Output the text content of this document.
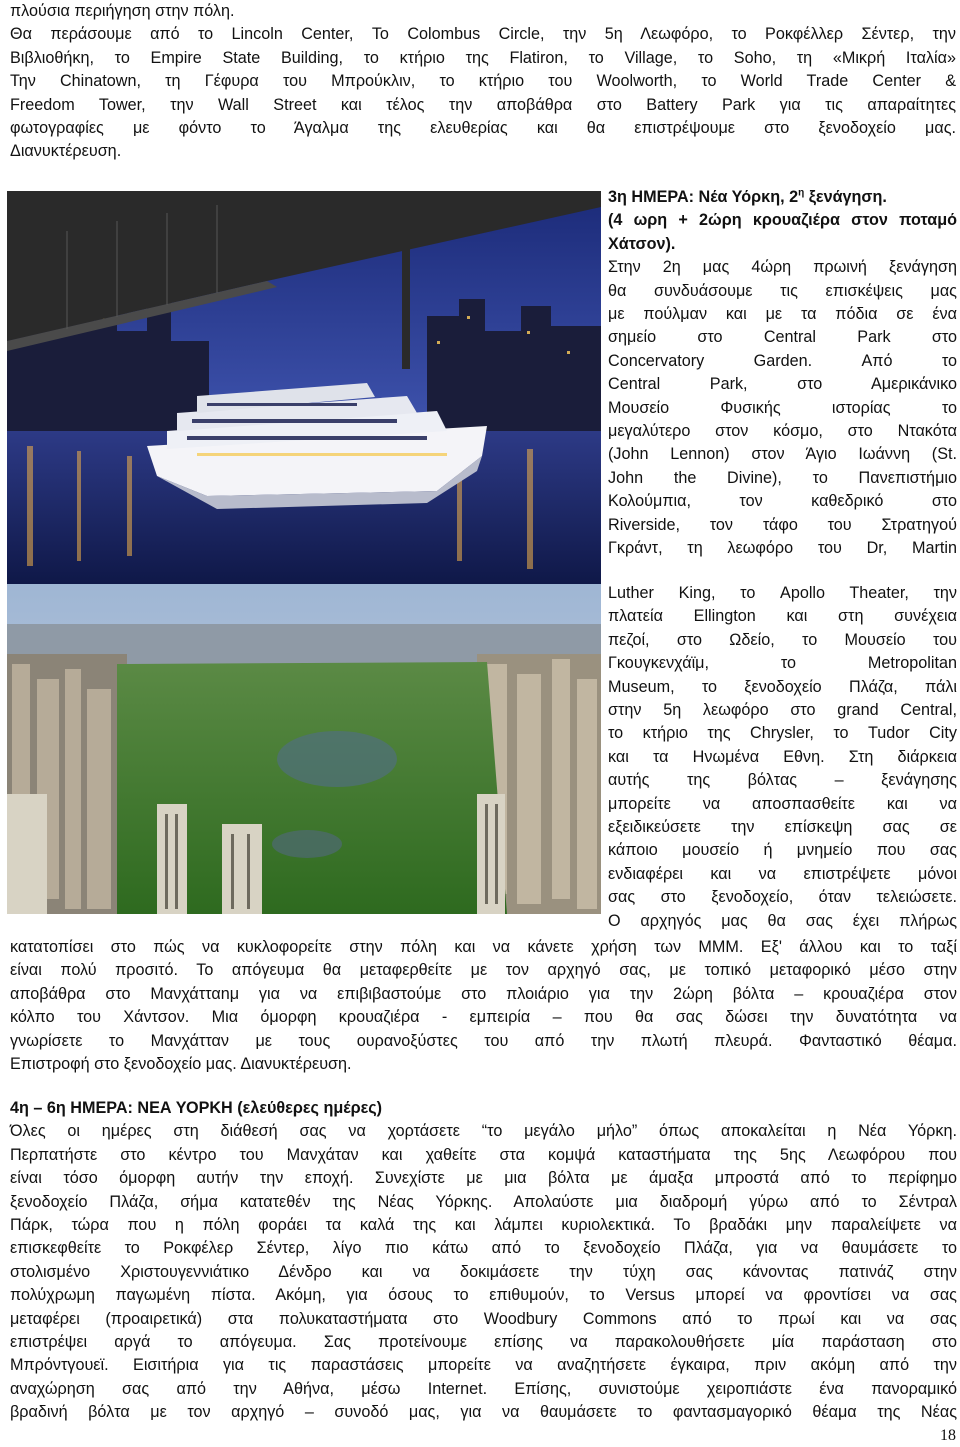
πλούσια περιήγηση στην πόλη.
Θα περάσουμε από το Lincoln Center, Το Colombus Circle, την 5η Λεωφόρο, το Ροκφέλλερ Σέντερ, την
Βιβλιοθήκη, το Empire State Building, το κτήριο της Flatiron, το Village, το Soho, τη «Μικρή Ιταλία»
Την Chinatown, τη Γέφυρα του Μπρούκλιν, το κτήριο του Woolworth, το World Trade Center &
Freedom Tower, την Wall Street και τέλος την αποβάθρα στο Battery Park για τις απαραίτητες
φωτογραφίες με φόντο το Άγαλμα της ελευθερίας και θα επιστρέψουμε στο ξενοδοχείο μας.
Διανυκτέρευση.

3η ΗΜΕΡΑ: Νέα Υόρκη, $2^\eta$ ξενάγηση.

(4 ωρη + 2ώρη κρουαζιέρα στον ποταμό Χάτσον).

Στην 2η μας 4ώρη πρωινή ξενάγηση
θα συνδυάσουμε τις επισκέψεις μας
με πούλμαν και με τα πόδια σε ένα
σημείο στο Central Park στο
Concervatory Garden. Από το
Central Park, στο Αμερικάνικο
Μουσείο Φυσικής ιστορίας το
μεγαλύτερο στον κόσμο, στο Ντακότα
(John Lennon) στον Άγιο Ιωάννη (St.
John the Divine), το Πανεπιστήμιο
Κολούμπια, τον καθεδρικό στο
Riverside, τον τάφο του Στρατηγού
Γκράντ, τη λεωφόρο του Dr, Martin
Luther King, το Apollo Theater, την
πλατεία Ellington και στη συνέχεια
πεζοί, στο Ωδείο, το Μουσείο του
Γκουγκενχάϊμ, το Metropolitan
Museum, το ξενοδοχείο Πλάζα, πάλι
στην 5η λεωφόρο στο grand Central,
το κτήριο της Chrysler, το Tudor City
και τα Ηνωμένα Εθνη. Στη διάρκεια
αυτής της βόλτας – ξενάγησης
μπορείτε να αποσπασθείτε και να
εξειδικεύσετε την επίσκεψη σας σε
κάποιο μουσείο ή μνημείο που σας
ενδιαφέρει και να επιστρέψετε μόνοι
σας στο ξενοδοχείο, όταν τελειώσετε.
Ο αρχηγός μας θα σας έχει πλήρως
κατατοπίσει στο πώς να κυκλοφορείτε στην πόλη και να κάνετε χρήση των ΜΜΜ. Εξ' άλλου και το ταξί
είναι πολύ προσιτό. Το απόγευμα θα μεταφερθείτε με τον αρχηγό σας, με τοπικό μεταφορικό μέσο στην
αποβάθρα στο Μανχάτταnμ για να επιβιβαστούμε στο πλοιάριο για την 2ώρη βόλτα – κρουαζιέρα στον
κόλπο του Χάντσον. Μια όμορφη κρουαζιέρα - εμπειρία – που θα σας δώσει την δυνατότητα να
γνωρίσετε το Μανχάτταν με τους ουρανοξύστες του από την πλωτή πλευρά. Φανταστικό θέαμα.
Επιστροφή στο ξενοδοχείο μας. Διανυκτέρευση.

4η – 6η ΗΜΕΡΑ: ΝΕΑ ΥΟΡΚΗ (ελεύθερες ημέρες)

Όλες οι ημέρες στη διάθεσή σας να χορτάσετε “το μεγάλο μήλο” όπως αποκαλείται η Νέα Υόρκη.
Περπατήστε στο κέντρο του Μανχάταν και χαθείτε στα κομψά καταστήματα της 5ης Λεωφόρου που
είναι τόσο όμορφη αυτήν την εποχή. Συνεχίστε με μια βόλτα με άμαξα μπροστά από το περίφημο
ξενοδοχείο Πλάζα, σήμα κατατεθέν της Νέας Υόρκης. Απολαύστε μια διαδρομή γύρω από το Σέντραλ
Πάρκ, τώρα που η πόλη φοράει τα καλά της και λάμπει κυριολεκτικά. Το βραδάκι μην παραλείψετε να
επισκεφθείτε το Ροκφέλερ Σέντερ, λίγο πιο κάτω από το ξενοδοχείο Πλάζα, για να θαυμάσετε το
στολισμένο Χριστουγεννιάτικο Δένδρο και να δοκιμάσετε την τύχη σας κάνοντας πατινάζ στην
πολύχρωμη παγωμένη πίστα. Ακόμη, για όσους το επιθυμούν, το Versus μπορεί να φροντίσει να σας
μεταφέρει (προαιρετικά) στα πολυκαταστήματα στο Woodbury Commons από το πρωί και να σας
επιστρέψει αργά το απόγευμα. Σας προτείνουμε επίσης να παρακολουθήσετε μία παράσταση στο
Μπρόντγουεϊ. Εισιτήρια για τις παραστάσεις μπορείτε να αναζητήσετε έγκαιρα, πριν ακόμη από την
αναχώρηση σας από την Αθήνα, μέσω Internet. Επίσης, συνιστούμε χειροπιάστε ένα πανοραμικό
βραδινή βόλτα με τον αρχηγό – συνοδό μας, για να θαυμάσετε το φαντασμαγορικό θέαμα της Νέας
18
